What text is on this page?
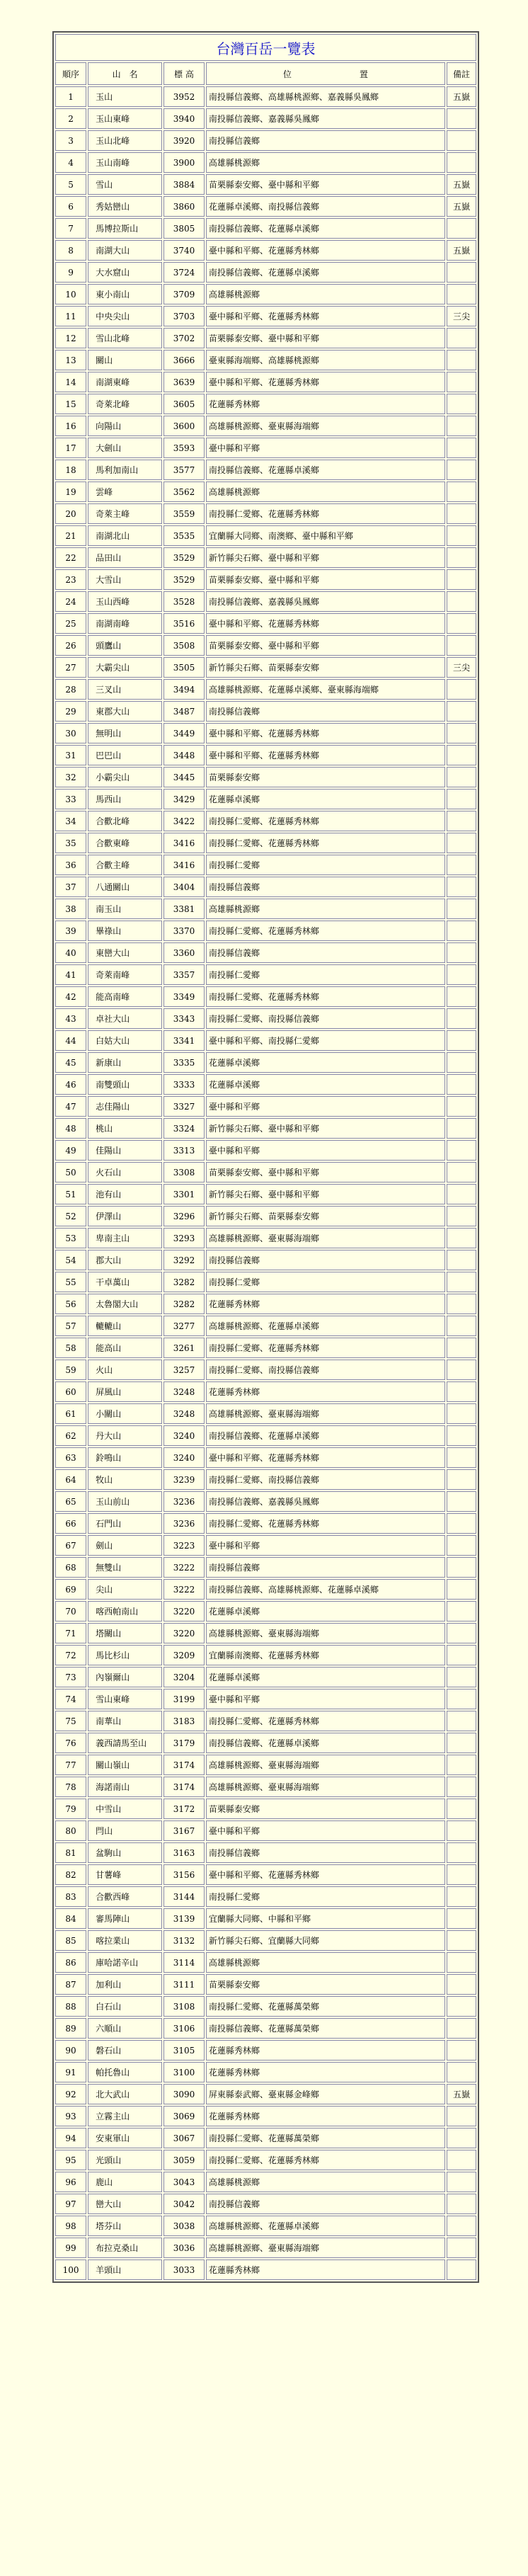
台灣百岳一覽表				
順序	山　名	標 高	位　　　　　　　　置	備註
1	玉山	3952	南投縣信義鄉、高雄縣桃源鄉、嘉義縣吳鳳鄉	五嶽
2	玉山東峰	3940	南投縣信義鄉、嘉義縣吳鳳鄉	
3	玉山北峰	3920	南投縣信義鄉	
4	玉山南峰	3900	高雄縣桃源鄉	
5	雪山	3884	苗栗縣泰安鄉、臺中縣和平鄉	五嶽
6	秀姑巒山	3860	花蓮縣卓溪鄉、南投縣信義鄉	五嶽
7	馬博拉斯山	3805	南投縣信義鄉、花蓮縣卓溪鄉	
8	南湖大山	3740	臺中縣和平鄉、花蓮縣秀林鄉	五嶽
9	大水窟山	3724	南投縣信義鄉、花蓮縣卓溪鄉	
10	東小南山	3709	高雄縣桃源鄉	
11	中央尖山	3703	臺中縣和平鄉、花蓮縣秀林鄉	三尖
12	雪山北峰	3702	苗栗縣泰安鄉、臺中縣和平鄉	
13	關山	3666	臺東縣海端鄉、高雄縣桃源鄉	
14	南湖東峰	3639	臺中縣和平鄉、花蓮縣秀林鄉	
15	奇萊北峰	3605	花蓮縣秀林鄉	
16	向陽山	3600	高雄縣桃源鄉、臺東縣海端鄉	
17	大劍山	3593	臺中縣和平鄉	
18	馬利加南山	3577	南投縣信義鄉、花蓮縣卓溪鄉	
19	雲峰	3562	高雄縣桃源鄉	
20	奇萊主峰	3559	南投縣仁愛鄉、花蓮縣秀林鄉	
21	南湖北山	3535	宜蘭縣大同鄉、南澳鄉、臺中縣和平鄉	
22	品田山	3529	新竹縣尖石鄉、臺中縣和平鄉	
23	大雪山	3529	苗栗縣泰安鄉、臺中縣和平鄉	
24	玉山西峰	3528	南投縣信義鄉、嘉義縣吳鳳鄉	
25	南湖南峰	3516	臺中縣和平鄉、花蓮縣秀林鄉	
26	頭鷹山	3508	苗栗縣泰安鄉、臺中縣和平鄉	
27	大霸尖山	3505	新竹縣尖石鄉、苗栗縣泰安鄉	三尖
28	三叉山	3494	高雄縣桃源鄉、花蓮縣卓溪鄉、臺東縣海端鄉	
29	東郡大山	3487	南投縣信義鄉	
30	無明山	3449	臺中縣和平鄉、花蓮縣秀林鄉	
31	巴巴山	3448	臺中縣和平鄉、花蓮縣秀林鄉	
32	小霸尖山	3445	苗栗縣泰安鄉	
33	馬西山	3429	花蓮縣卓溪鄉	
34	合歡北峰	3422	南投縣仁愛鄉、花蓮縣秀林鄉	
35	合歡東峰	3416	南投縣仁愛鄉、花蓮縣秀林鄉	
36	合歡主峰	3416	南投縣仁愛鄉	
37	八通關山	3404	南投縣信義鄉	
38	南玉山	3381	高雄縣桃源鄉	
39	畢祿山	3370	南投縣仁愛鄉、花蓮縣秀林鄉	
40	東巒大山	3360	南投縣信義鄉	
41	奇萊南峰	3357	南投縣仁愛鄉	
42	能高南峰	3349	南投縣仁愛鄉、花蓮縣秀林鄉	
43	卓社大山	3343	南投縣仁愛鄉、南投縣信義鄉	
44	白姑大山	3341	臺中縣和平鄉、南投縣仁愛鄉	
45	新康山	3335	花蓮縣卓溪鄉	
46	南雙頭山	3333	花蓮縣卓溪鄉	
47	志佳陽山	3327	臺中縣和平鄉	
48	桃山	3324	新竹縣尖石鄉、臺中縣和平鄉	
49	佳陽山	3313	臺中縣和平鄉	
50	火石山	3308	苗栗縣泰安鄉、臺中縣和平鄉	
51	池有山	3301	新竹縣尖石鄉、臺中縣和平鄉	
52	伊澤山	3296	新竹縣尖石鄉、苗栗縣泰安鄉	
53	卑南主山	3293	高雄縣桃源鄉、臺東縣海端鄉	
54	郡大山	3292	南投縣信義鄉	
55	干卓萬山	3282	南投縣仁愛鄉	
56	太魯閣大山	3282	花蓮縣秀林鄉	
57	轆轆山	3277	高雄縣桃源鄉、花蓮縣卓溪鄉	
58	能高山	3261	南投縣仁愛鄉、花蓮縣秀林鄉	
59	火山	3257	南投縣仁愛鄉、南投縣信義鄉	
60	屏風山	3248	花蓮縣秀林鄉	
61	小關山	3248	高雄縣桃源鄉、臺東縣海端鄉	
62	丹大山	3240	南投縣信義鄉、花蓮縣卓溪鄉	
63	鈴鳴山	3240	臺中縣和平鄉、花蓮縣秀林鄉	
64	牧山	3239	南投縣仁愛鄉、南投縣信義鄉	
65	玉山前山	3236	南投縣信義鄉、嘉義縣吳鳳鄉	
66	石門山	3236	南投縣仁愛鄉、花蓮縣秀林鄉	
67	劍山	3223	臺中縣和平鄉	
68	無雙山	3222	南投縣信義鄉	
69	尖山	3222	南投縣信義鄉、高雄縣桃源鄉、花蓮縣卓溪鄉	
70	喀西帕南山	3220	花蓮縣卓溪鄉	
71	塔關山	3220	高雄縣桃源鄉、臺東縣海端鄉	
72	馬比杉山	3209	宜蘭縣南澳鄉、花蓮縣秀林鄉	
73	內嶺爾山	3204	花蓮縣卓溪鄉	
74	雪山東峰	3199	臺中縣和平鄉	
75	南華山	3183	南投縣仁愛鄉、花蓮縣秀林鄉	
76	義西請馬至山	3179	南投縣信義鄉、花蓮縣卓溪鄉	
77	關山嶺山	3174	高雄縣桃源鄉、臺東縣海端鄉	
78	海諾南山	3174	高雄縣桃源鄉、臺東縣海端鄉	
79	中雪山	3172	苗栗縣泰安鄉	
80	閂山	3167	臺中縣和平鄉	
81	盆駒山	3163	南投縣信義鄉	
82	甘薯峰	3156	臺中縣和平鄉、花蓮縣秀林鄉	
83	合歡西峰	3144	南投縣仁愛鄉	
84	審馬陣山	3139	宜蘭縣大同鄉、中縣和平鄉	
85	喀拉業山	3132	新竹縣尖石鄉、宜蘭縣大同鄉	
86	庫哈諾辛山	3114	高雄縣桃源鄉	
87	加利山	3111	苗栗縣泰安鄉	
88	白石山	3108	南投縣仁愛鄉、花蓮縣萬榮鄉	
89	六順山	3106	南投縣信義鄉、花蓮縣萬榮鄉	
90	磐石山	3105	花蓮縣秀林鄉	
91	帕托魯山	3100	花蓮縣秀林鄉	
92	北大武山	3090	屏東縣泰武鄉、臺東縣金峰鄉	五嶽
93	立霧主山	3069	花蓮縣秀林鄉	
94	安東軍山	3067	南投縣仁愛鄉、花蓮縣萬榮鄉	
95	光頭山	3059	南投縣仁愛鄉、花蓮縣秀林鄉	
96	鹿山	3043	高雄縣桃源鄉	
97	巒大山	3042	南投縣信義鄉	
98	塔芬山	3038	高雄縣桃源鄉、花蓮縣卓溪鄉	
99	布拉克桑山	3036	高雄縣桃源鄉、臺東縣海端鄉	
100	羊頭山	3033	花蓮縣秀林鄉	
